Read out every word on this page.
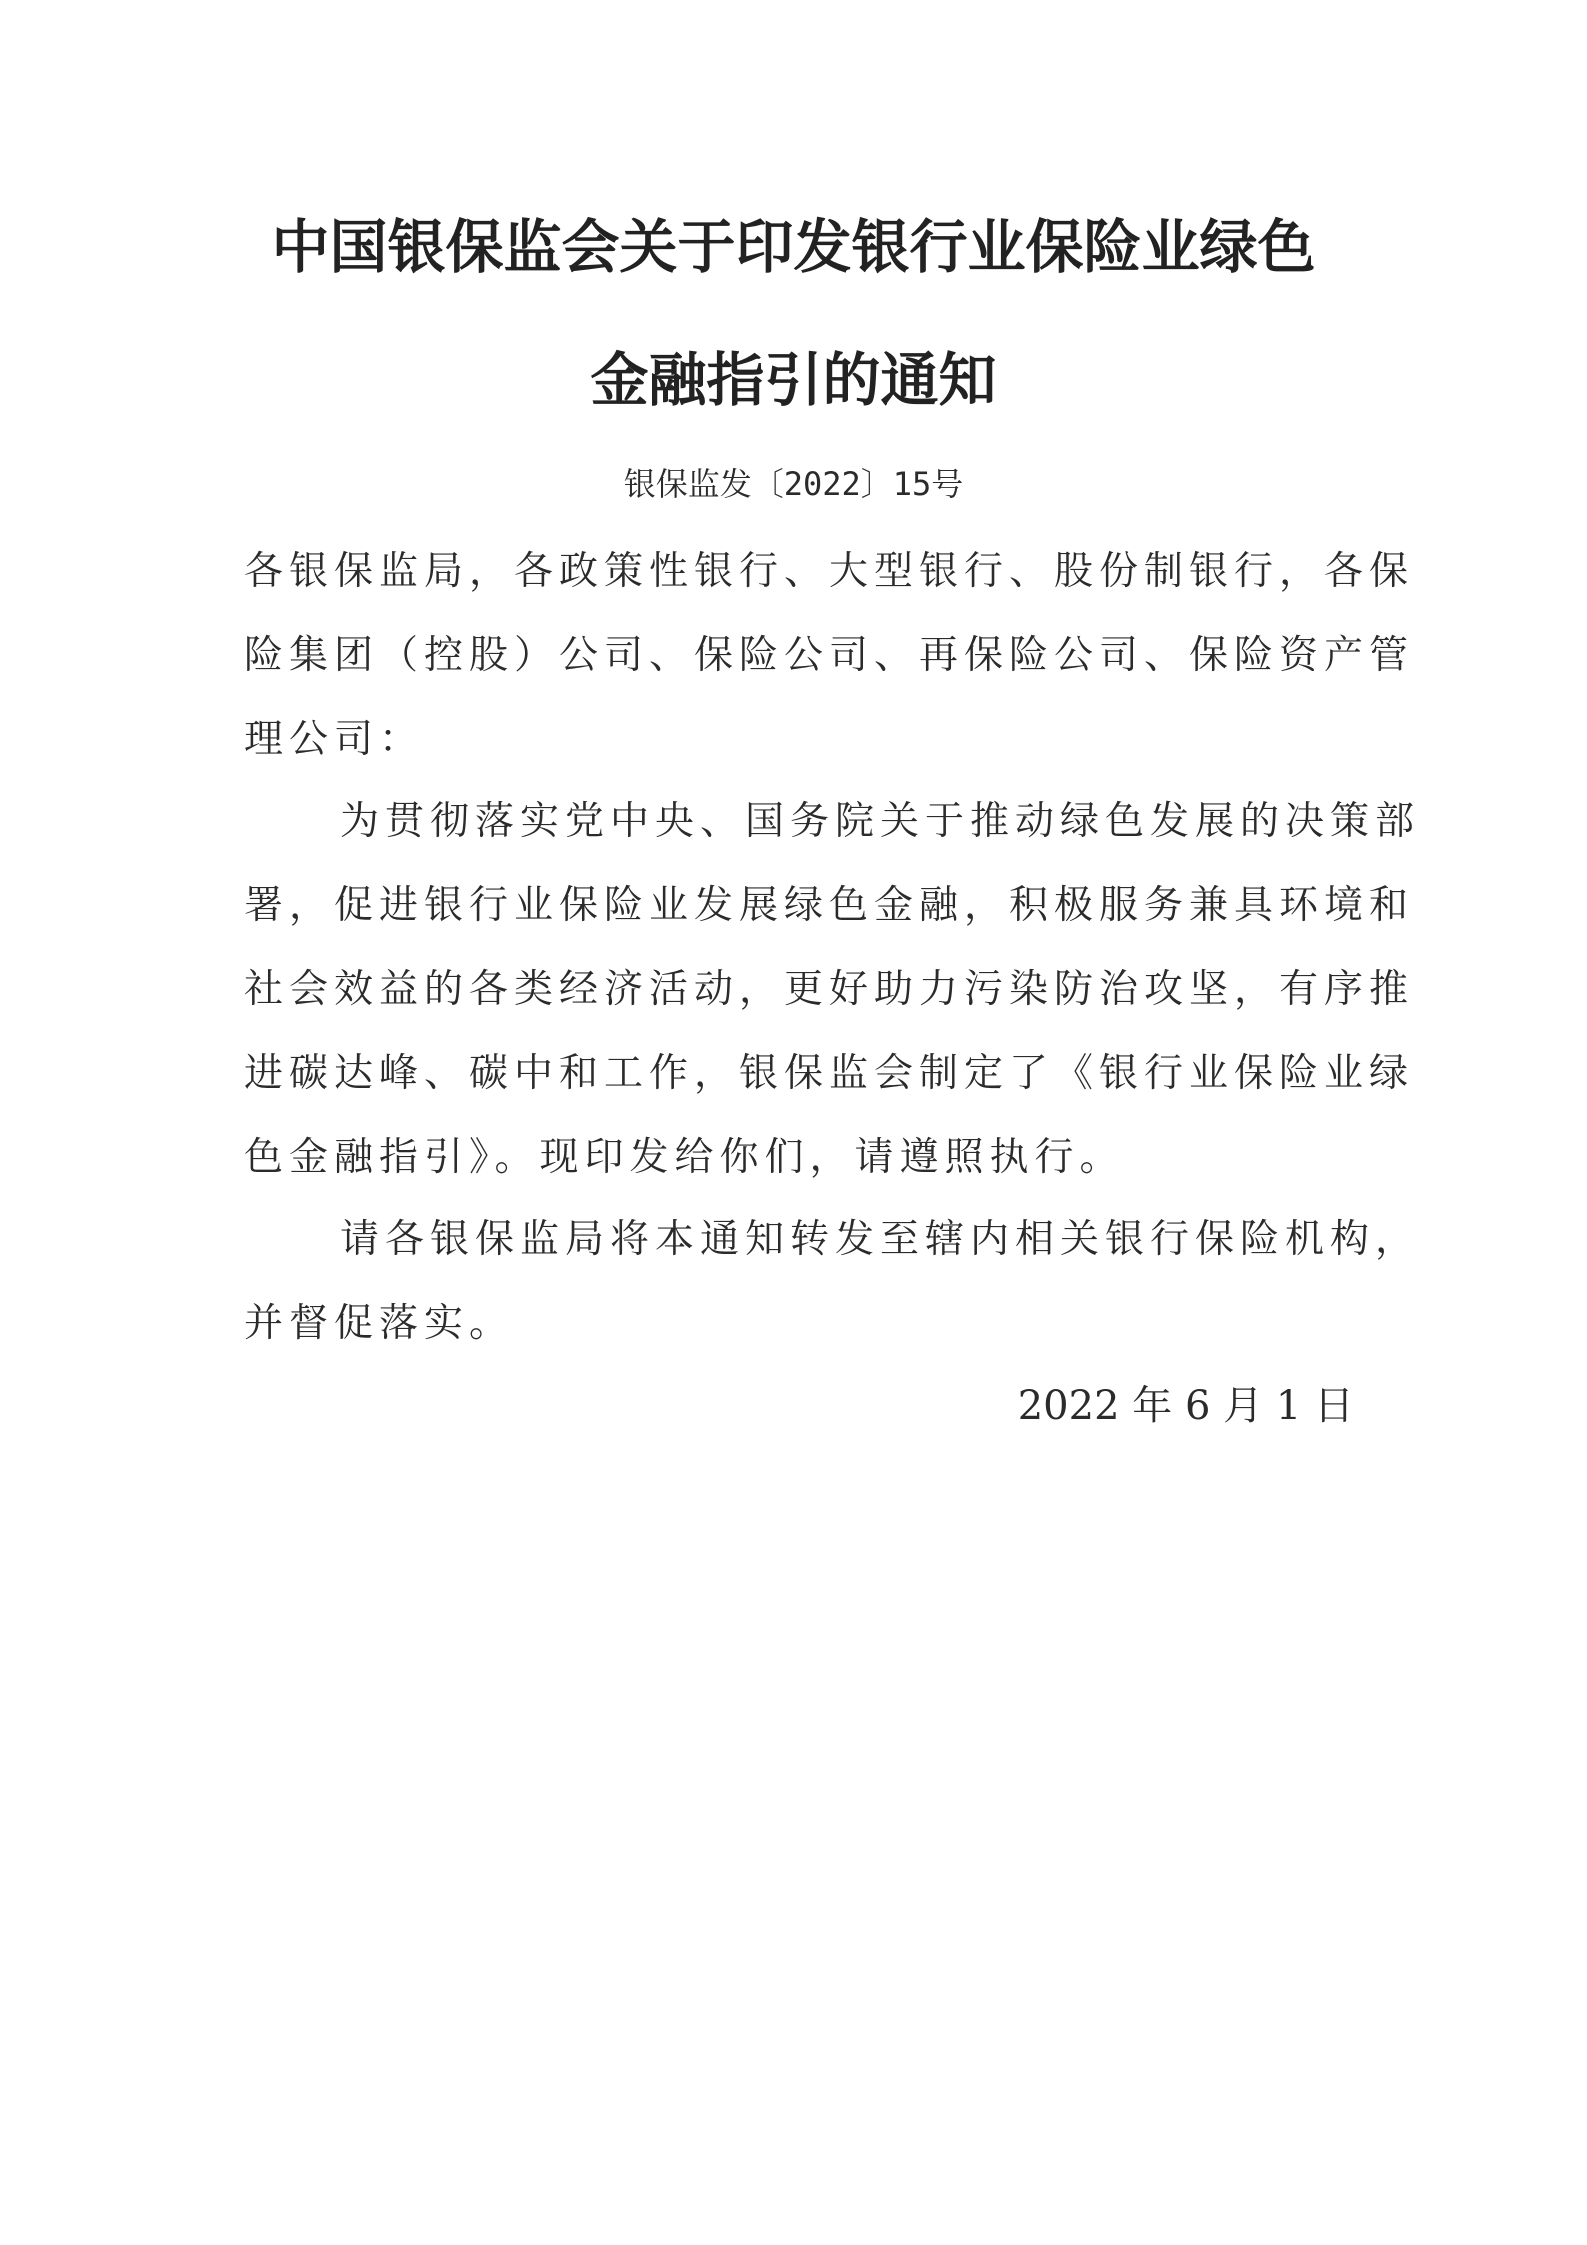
中国银保监会关于印发银行业保险业绿色
金融指引的通知
银保监发〔2022〕15号
各银保监局，各政策性银行、大型银行、股份制银行，各保
险集团（控股）公司、保险公司、再保险公司、保险资产管
理公司：
为贯彻落实党中央、国务院关于推动绿色发展的决策部
署，促进银行业保险业发展绿色金融，积极服务兼具环境和
社会效益的各类经济活动，更好助力污染防治攻坚，有序推
进碳达峰、碳中和工作，银保监会制定了《银行业保险业绿
色金融指引》。现印发给你们，请遵照执行。
请各银保监局将本通知转发至辖内相关银行保险机构，
并督促落实。
2022 年 6 月 1 日
